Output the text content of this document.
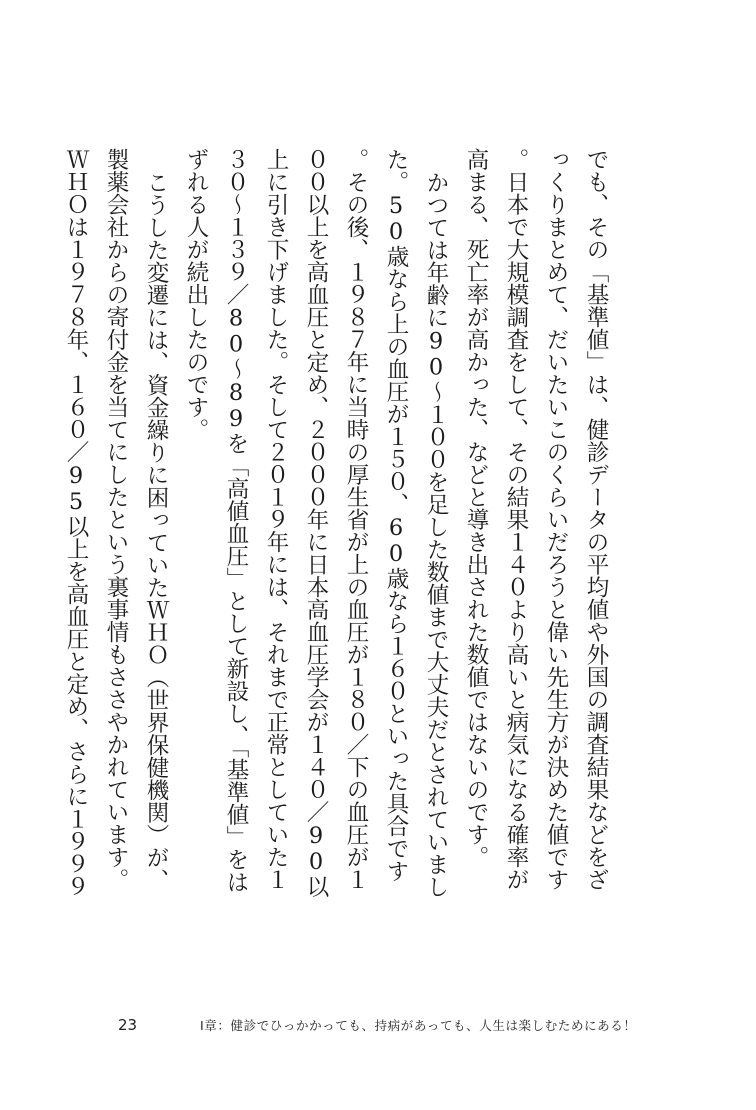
でも、その「基準値」は、健診データの平均値や外国の調査結果などをざっくりまとめて、だいたいこのくらいだろうと偉い先生方が決めた値です。日本で大規模調査をして、その結果１４０より高いと病気になる確率が高まる、死亡率が高かった、などと導き出された数値ではないのです。

かつては年齢に90〜１００を足した数値まで大丈夫だとされていました。50歳なら上の血圧が１５０、60歳なら１６０といった具合です。その後、１９８７年に当時の厚生省が上の血圧が１８０／下の血圧が１００以上を高血圧と定め、２０００年に日本高血圧学会が１４０／90以上に引き下げました。そして２０１９年には、それまで正常としていた１３０〜１３９／80〜89を「高値血圧」として新設し、「基準値」をはずれる人が続出したのです。

こうした変遷には、資金繰りに困っていたＷＨＯ（世界保健機関）が、製薬会社からの寄付金を当てにしたという裏事情もささやかれています。ＷＨＯは１９７８年、１６０／95以上を高血圧と定め、さらに１９９９

23	Ⅰ章：健診でひっかかっても、持病があっても、人生は楽しむためにある！
